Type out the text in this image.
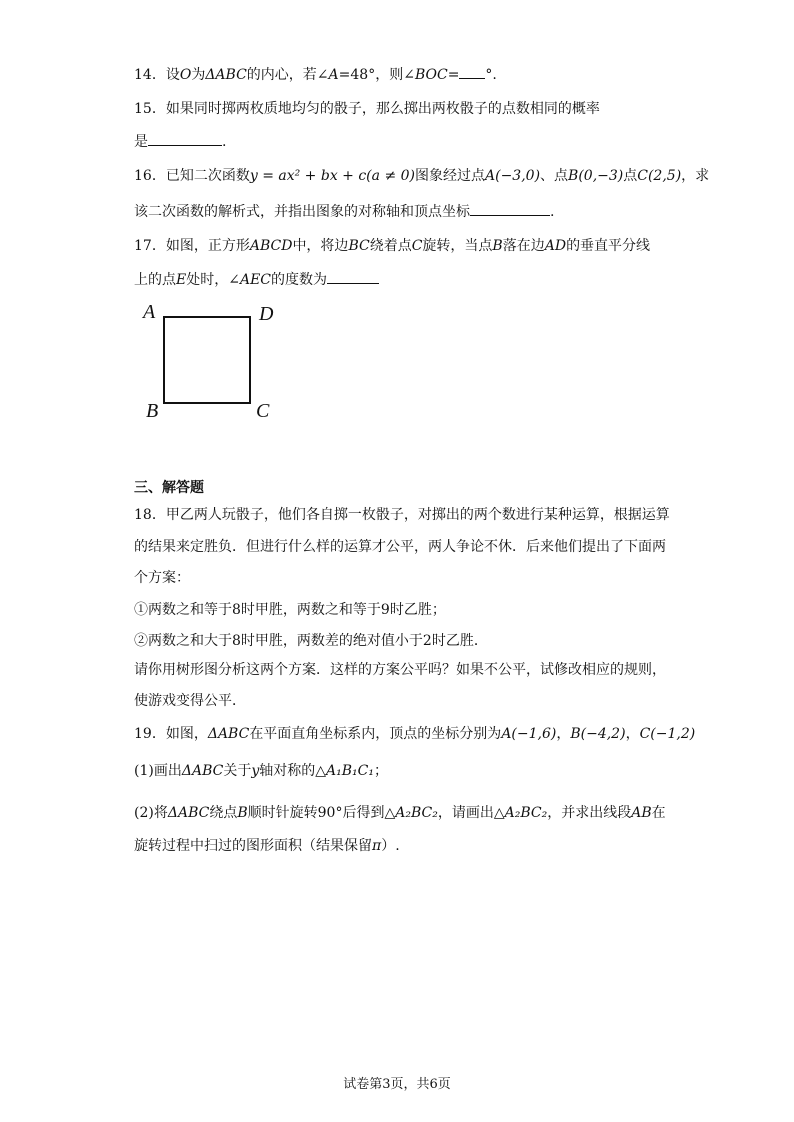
14．设O为ΔABC的内心，若∠A=48°，则∠BOC= °.
15．如果同时掷两枚质地均匀的骰子，那么掷出两枚骰子的点数相同的概率
是	.
16．已知二次函数y = ax² + bx + c(a ≠ 0)图象经过点A(−3,0)、点B(0,−3)点C(2,5)，求
该二次函数的解析式，并指出图象的对称轴和顶点坐标	.
17．如图，正方形ABCD中，将边BC绕着点C旋转，当点B落在边AD的垂直平分线
上的点E处时，∠AEC的度数为
A	D
B	C
三、解答题
18．甲乙两人玩骰子，他们各自掷一枚骰子，对掷出的两个数进行某种运算，根据运算
的结果来定胜负．但进行什么样的运算才公平，两人争论不休．后来他们提出了下面两
个方案：
①两数之和等于8时甲胜，两数之和等于9时乙胜；
②两数之和大于8时甲胜，两数差的绝对值小于2时乙胜．
请你用树形图分析这两个方案．这样的方案公平吗？如果不公平，试修改相应的规则，
使游戏变得公平．
19．如图，ΔABC在平面直角坐标系内，顶点的坐标分别为A(−1,6)，B(−4,2)，C(−1,2)
(1)画出ΔABC关于y轴对称的△A₁B₁C₁；
(2)将ΔABC绕点B顺时针旋转90°后得到△A₂BC₂，请画出△A₂BC₂，并求出线段AB在
旋转过程中扫过的图形面积（结果保留π）.
试卷第3页，共6页
